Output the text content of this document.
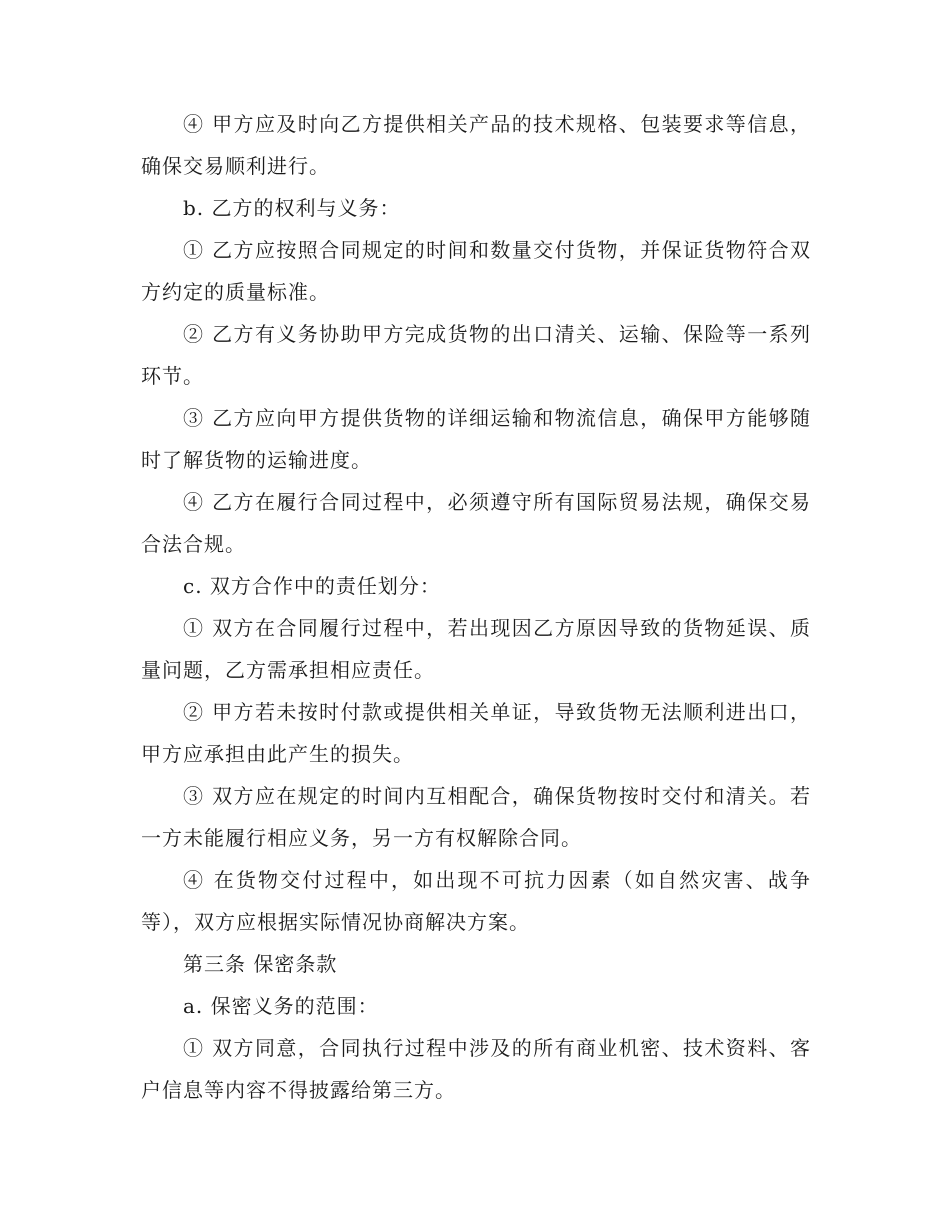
④ 甲方应及时向乙方提供相关产品的技术规格、包装要求等信息，确保交易顺利进行。

b. 乙方的权利与义务：

① 乙方应按照合同规定的时间和数量交付货物，并保证货物符合双方约定的质量标准。

② 乙方有义务协助甲方完成货物的出口清关、运输、保险等一系列环节。

③ 乙方应向甲方提供货物的详细运输和物流信息，确保甲方能够随时了解货物的运输进度。

④ 乙方在履行合同过程中，必须遵守所有国际贸易法规，确保交易合法合规。

c. 双方合作中的责任划分：

① 双方在合同履行过程中，若出现因乙方原因导致的货物延误、质量问题，乙方需承担相应责任。

② 甲方若未按时付款或提供相关单证，导致货物无法顺利进出口，甲方应承担由此产生的损失。

③ 双方应在规定的时间内互相配合，确保货物按时交付和清关。若一方未能履行相应义务，另一方有权解除合同。

④ 在货物交付过程中，如出现不可抗力因素（如自然灾害、战争等），双方应根据实际情况协商解决方案。

第三条 保密条款

a. 保密义务的范围：

① 双方同意，合同执行过程中涉及的所有商业机密、技术资料、客户信息等内容不得披露给第三方。
